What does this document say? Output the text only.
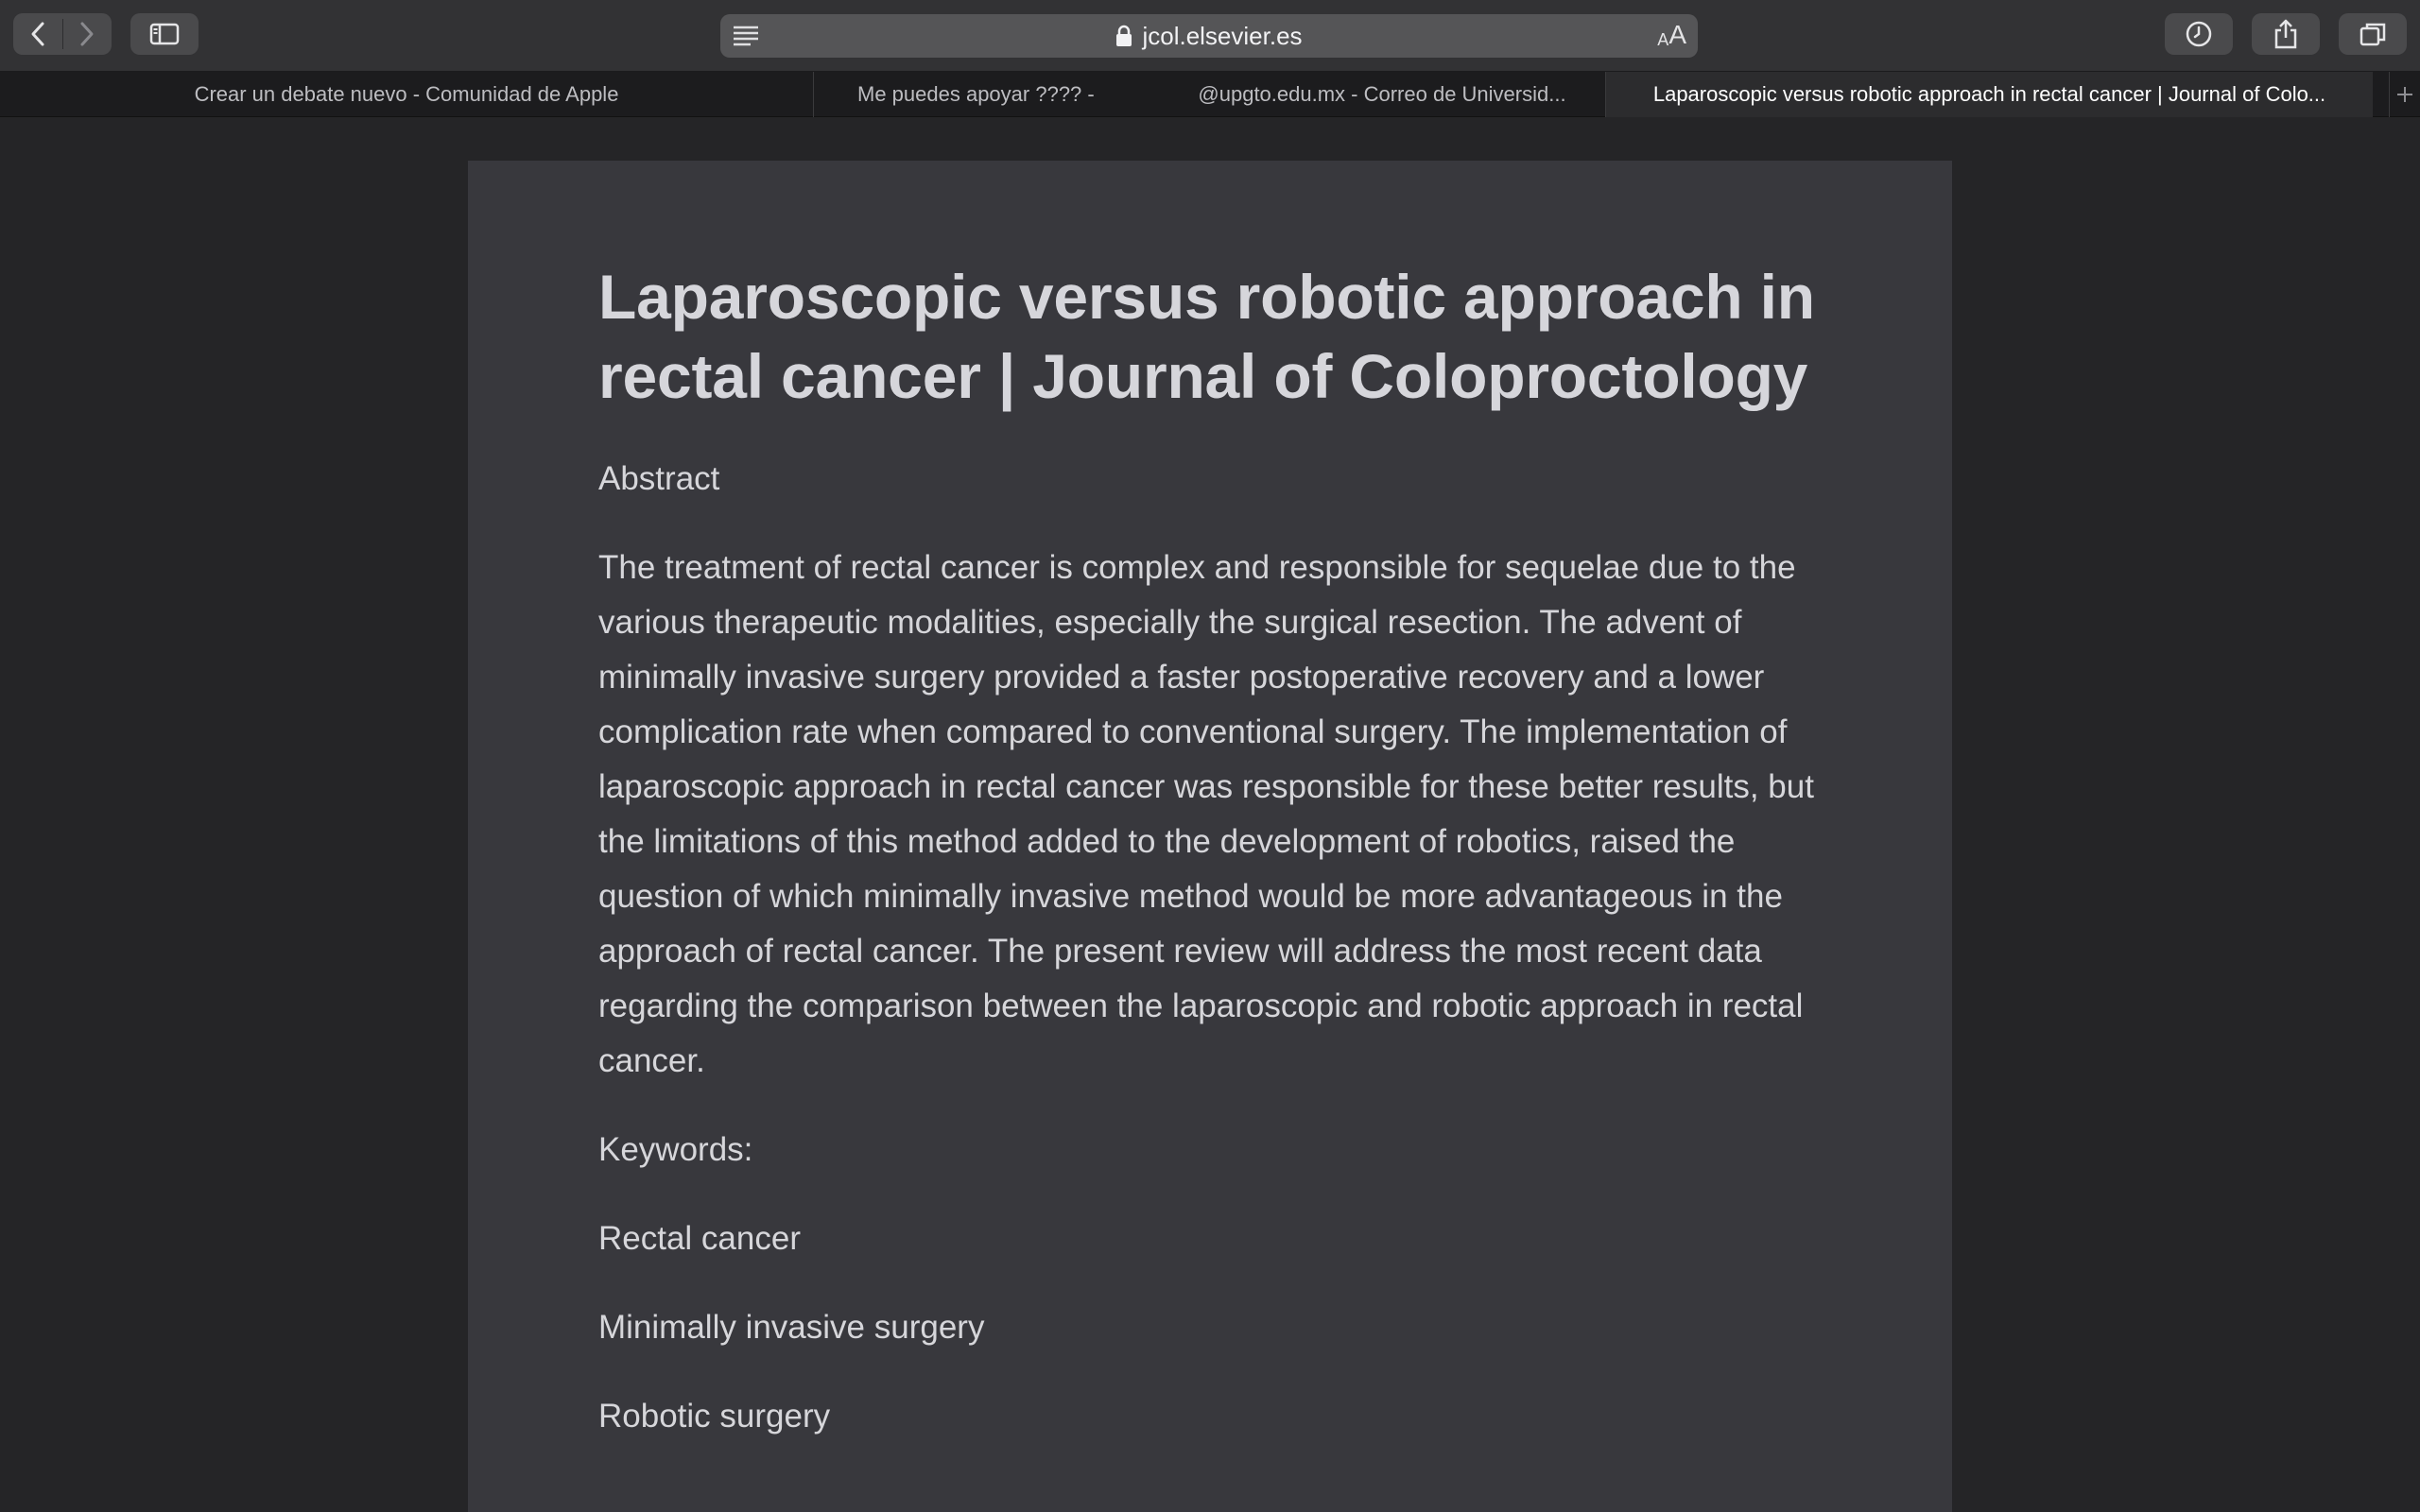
jcol.elsevier.es	A A
Crear un debate nuevo - Comunidad de Apple	Me puedes apoyar ???? -	@upgto.edu.mx - Correo de Universid...	Laparoscopic versus robotic approach in rectal cancer | Journal of Colo...
Laparoscopic versus robotic approach in rectal cancer | Journal of Coloproctology

Abstract

The treatment of rectal cancer is complex and responsible for sequelae due to the various therapeutic modalities, especially the surgical resection. The advent of minimally invasive surgery provided a faster postoperative recovery and a lower complication rate when compared to conventional surgery. The implementation of laparoscopic approach in rectal cancer was responsible for these better results, but the limitations of this method added to the development of robotics, raised the question of which minimally invasive method would be more advantageous in the approach of rectal cancer. The present review will address the most recent data regarding the comparison between the laparoscopic and robotic approach in rectal cancer.

Keywords:

Rectal cancer

Minimally invasive surgery

Robotic surgery
